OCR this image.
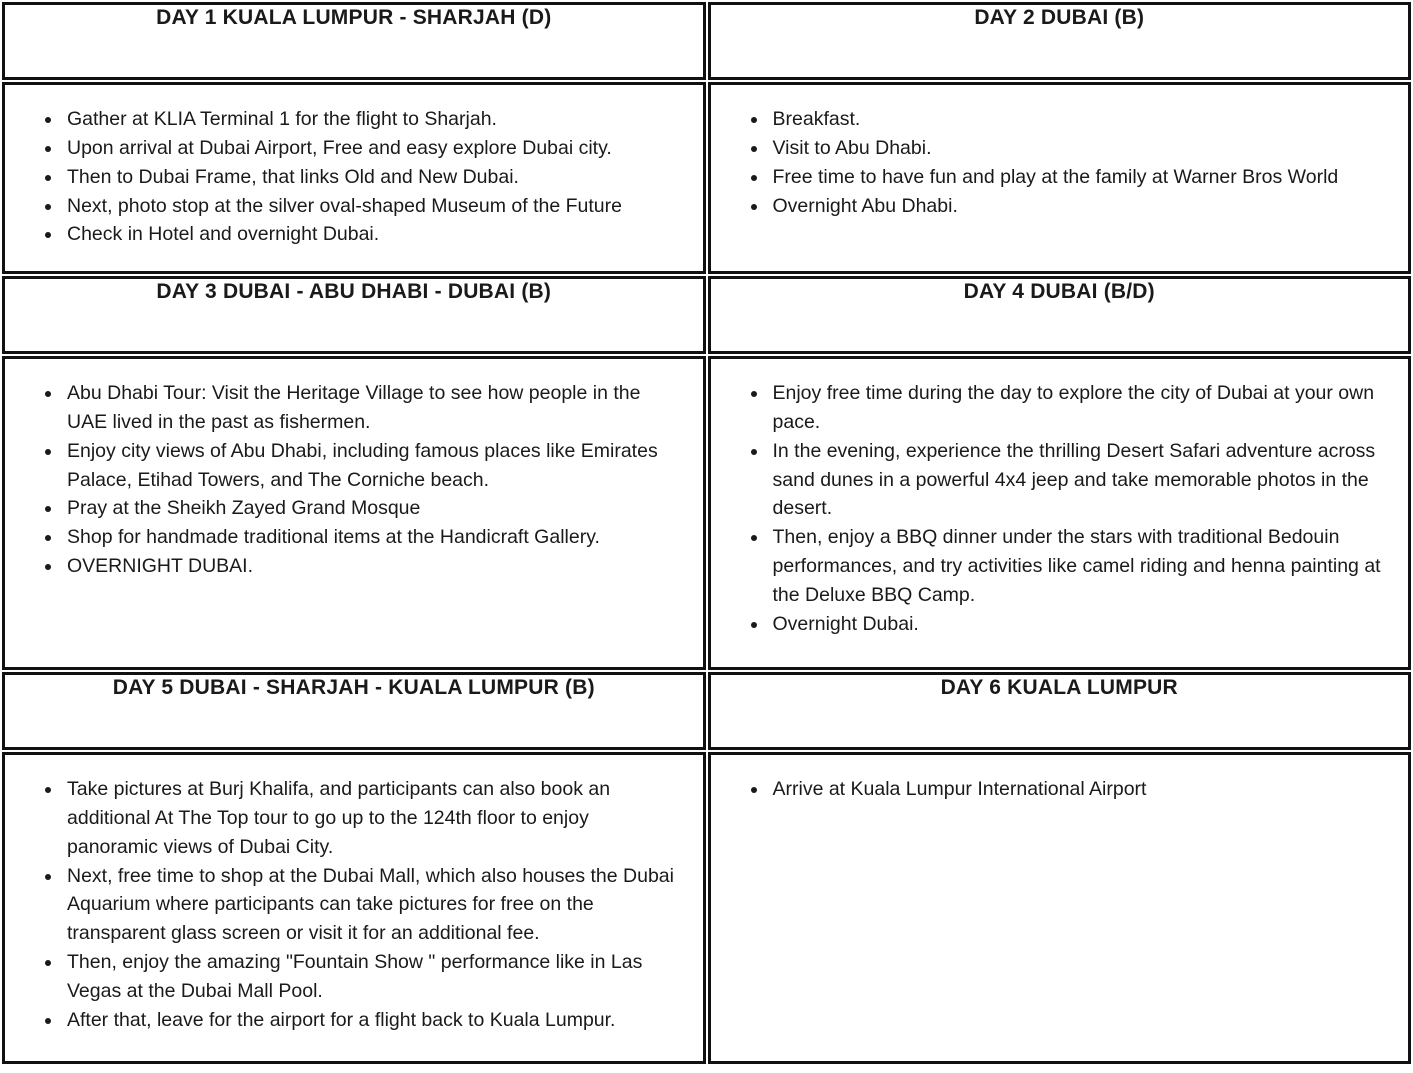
DAY 1 KUALA LUMPUR - SHARJAH (D)	DAY 2 DUBAI (B)

• Gather at KLIA Terminal 1 for the flight to Sharjah.
• Upon arrival at Dubai Airport, Free and easy explore Dubai city.
• Then to Dubai Frame, that links Old and New Dubai.
• Next, photo stop at the silver oval-shaped Museum of the Future
• Check in Hotel and overnight Dubai.

• Breakfast.
• Visit to Abu Dhabi.
• Free time to have fun and play at the family at Warner Bros World
• Overnight Abu Dhabi.

DAY 3 DUBAI - ABU DHABI - DUBAI (B)	DAY 4 DUBAI (B/D)

• Abu Dhabi Tour: Visit the Heritage Village to see how people in the UAE lived in the past as fishermen.
• Enjoy city views of Abu Dhabi, including famous places like Emirates Palace, Etihad Towers, and The Corniche beach.
• Pray at the Sheikh Zayed Grand Mosque
• Shop for handmade traditional items at the Handicraft Gallery.
• OVERNIGHT DUBAI.

• Enjoy free time during the day to explore the city of Dubai at your own pace.
• In the evening, experience the thrilling Desert Safari adventure across sand dunes in a powerful 4x4 jeep and take memorable photos in the desert.
• Then, enjoy a BBQ dinner under the stars with traditional Bedouin performances, and try activities like camel riding and henna painting at the Deluxe BBQ Camp.
• Overnight Dubai.

DAY 5 DUBAI - SHARJAH - KUALA LUMPUR (B)	DAY 6 KUALA LUMPUR

• Take pictures at Burj Khalifa, and participants can also book an additional At The Top tour to go up to the 124th floor to enjoy panoramic views of Dubai City.
• Next, free time to shop at the Dubai Mall, which also houses the Dubai Aquarium where participants can take pictures for free on the transparent glass screen or visit it for an additional fee.
• Then, enjoy the amazing "Fountain Show " performance like in Las Vegas at the Dubai Mall Pool.
• After that, leave for the airport for a flight back to Kuala Lumpur.

• Arrive at Kuala Lumpur International Airport
